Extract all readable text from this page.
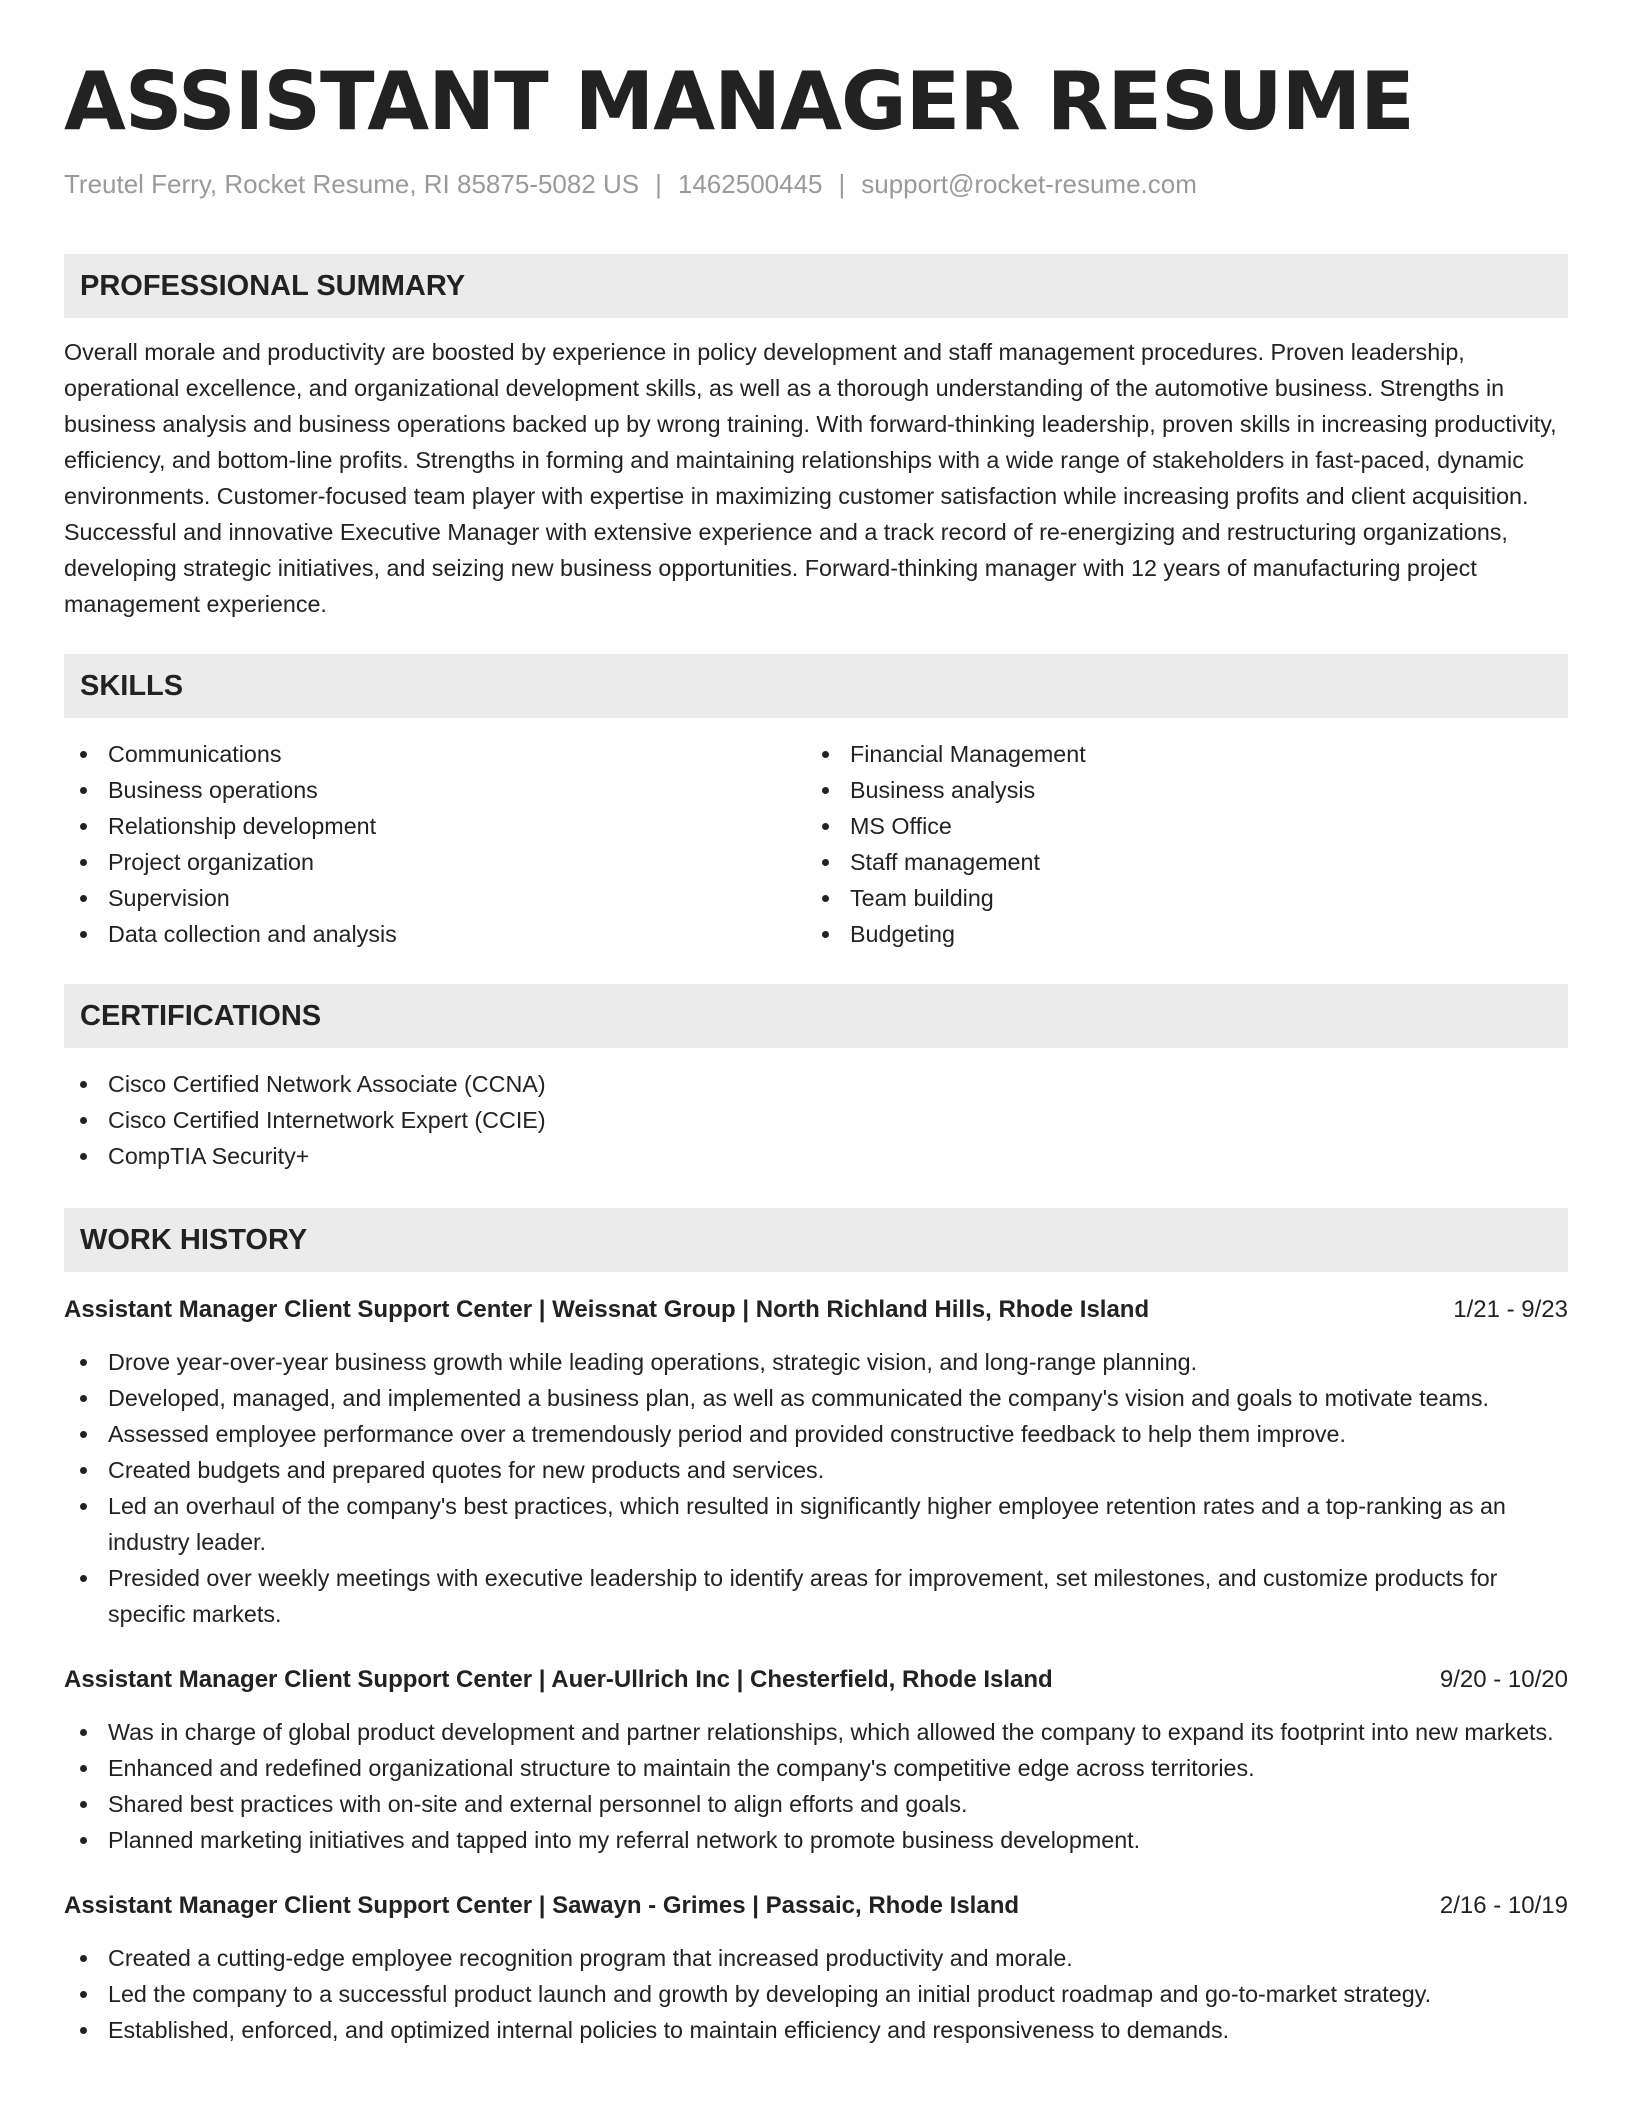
ASSISTANT MANAGER RESUME
Treutel Ferry, Rocket Resume, RI 85875-5082 US | 1462500445 | support@rocket-resume.com
PROFESSIONAL SUMMARY
Overall morale and productivity are boosted by experience in policy development and staff management procedures. Proven leadership, operational excellence, and organizational development skills, as well as a thorough understanding of the automotive business. Strengths in business analysis and business operations backed up by wrong training. With forward-thinking leadership, proven skills in increasing productivity, efficiency, and bottom-line profits. Strengths in forming and maintaining relationships with a wide range of stakeholders in fast-paced, dynamic environments. Customer-focused team player with expertise in maximizing customer satisfaction while increasing profits and client acquisition. Successful and innovative Executive Manager with extensive experience and a track record of re-energizing and restructuring organizations, developing strategic initiatives, and seizing new business opportunities. Forward-thinking manager with 12 years of manufacturing project management experience.
SKILLS
Communications
Business operations
Relationship development
Project organization
Supervision
Data collection and analysis
Financial Management
Business analysis
MS Office
Staff management
Team building
Budgeting
CERTIFICATIONS
Cisco Certified Network Associate (CCNA)
Cisco Certified Internetwork Expert (CCIE)
CompTIA Security+
WORK HISTORY
Assistant Manager Client Support Center | Weissnat Group | North Richland Hills, Rhode Island	1/21 - 9/23
Drove year-over-year business growth while leading operations, strategic vision, and long-range planning.
Developed, managed, and implemented a business plan, as well as communicated the company's vision and goals to motivate teams.
Assessed employee performance over a tremendously period and provided constructive feedback to help them improve.
Created budgets and prepared quotes for new products and services.
Led an overhaul of the company's best practices, which resulted in significantly higher employee retention rates and a top-ranking as an industry leader.
Presided over weekly meetings with executive leadership to identify areas for improvement, set milestones, and customize products for specific markets.
Assistant Manager Client Support Center | Auer-Ullrich Inc | Chesterfield, Rhode Island	9/20 - 10/20
Was in charge of global product development and partner relationships, which allowed the company to expand its footprint into new markets.
Enhanced and redefined organizational structure to maintain the company's competitive edge across territories.
Shared best practices with on-site and external personnel to align efforts and goals.
Planned marketing initiatives and tapped into my referral network to promote business development.
Assistant Manager Client Support Center | Sawayn - Grimes | Passaic, Rhode Island	2/16 - 10/19
Created a cutting-edge employee recognition program that increased productivity and morale.
Led the company to a successful product launch and growth by developing an initial product roadmap and go-to-market strategy.
Established, enforced, and optimized internal policies to maintain efficiency and responsiveness to demands.
